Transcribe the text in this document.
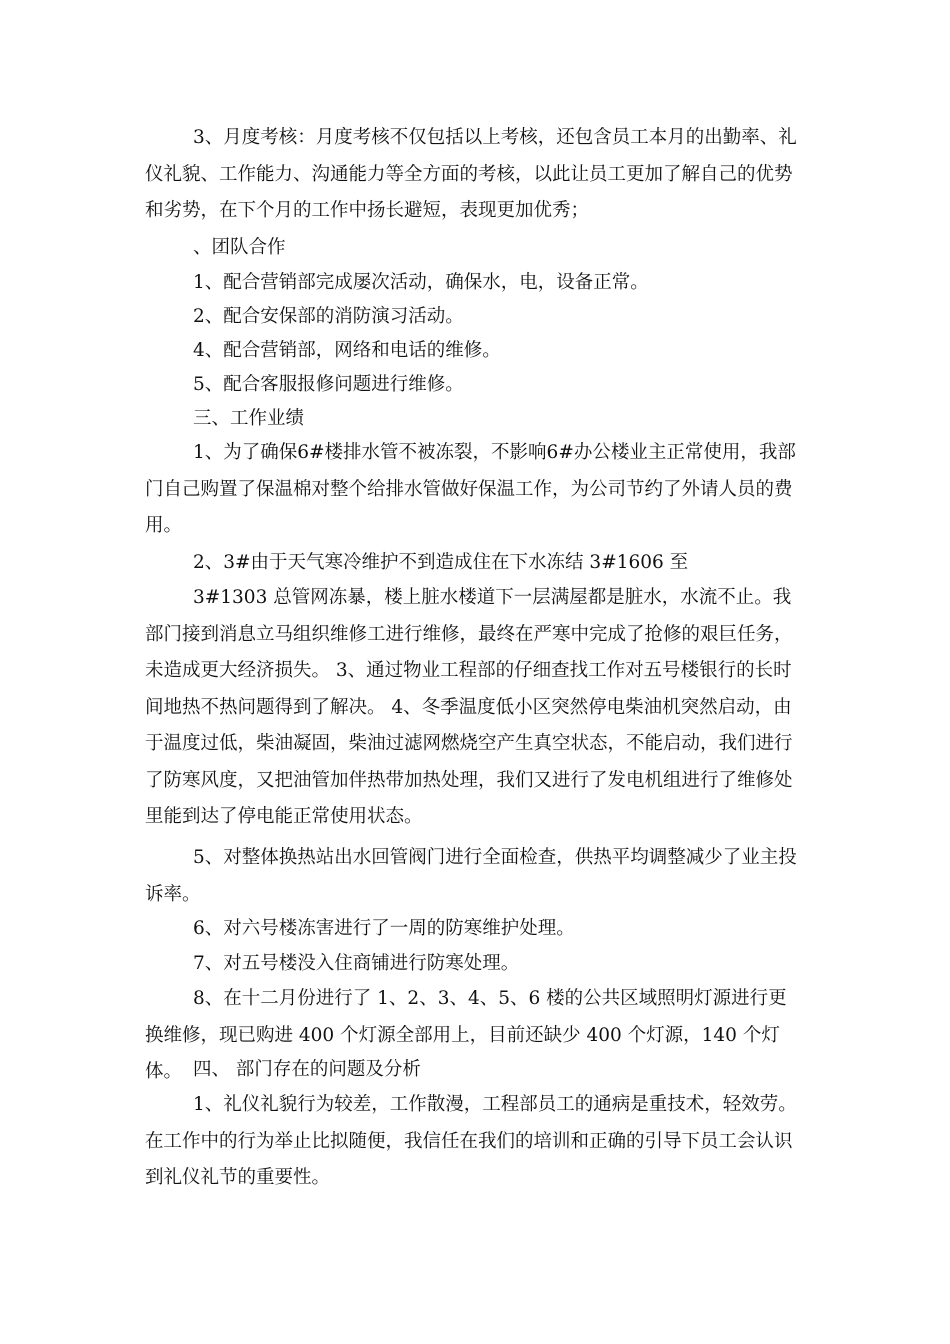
3、月度考核：月度考核不仅包括以上考核，还包含员工本月的出勤率、礼仪礼貌、工作能力、沟通能力等全方面的考核，以此让员工更加了解自己的优势和劣势，在下个月的工作中扬长避短，表现更加优秀；

、团队合作

1、配合营销部完成屡次活动，确保水，电，设备正常。

2、配合安保部的消防演习活动。

4、配合营销部，网络和电话的维修。

5、配合客服报修问题进行维修。

三、工作业绩

1、为了确保6#楼排水管不被冻裂，不影响6#办公楼业主正常使用，我部门自己购置了保温棉对整个给排水管做好保温工作，为公司节约了外请人员的费用。

2、3#由于天气寒冷维护不到造成住在下水冻结 3#1606 至

3#1303 总管网冻暴，楼上脏水楼道下一层满屋都是脏水，水流不止。我部门接到消息立马组织维修工进行维修，最终在严寒中完成了抢修的艰巨任务，未造成更大经济损失。 3、通过物业工程部的仔细查找工作对五号楼银行的长时间地热不热问题得到了解决。 4、冬季温度低小区突然停电柴油机突然启动，由于温度过低，柴油凝固，柴油过滤网燃烧空产生真空状态，不能启动，我们进行了防寒风度，又把油管加伴热带加热处理，我们又进行了发电机组进行了维修处里能到达了停电能正常使用状态。

5、对整体换热站出水回管阀门进行全面检查，供热平均调整减少了业主投诉率。

6、对六号楼冻害进行了一周的防寒维护处理。

7、对五号楼没入住商铺进行防寒处理。

8、在十二月份进行了 1、2、3、4、5、6 楼的公共区域照明灯源进行更换维修，现已购进 400 个灯源全部用上，目前还缺少 400 个灯源，140 个灯体。 四、 部门存在的问题及分析

1、礼仪礼貌行为较差，工作散漫，工程部员工的通病是重技术，轻效劳。在工作中的行为举止比拟随便，我信任在我们的培训和正确的引导下员工会认识到礼仪礼节的重要性。
